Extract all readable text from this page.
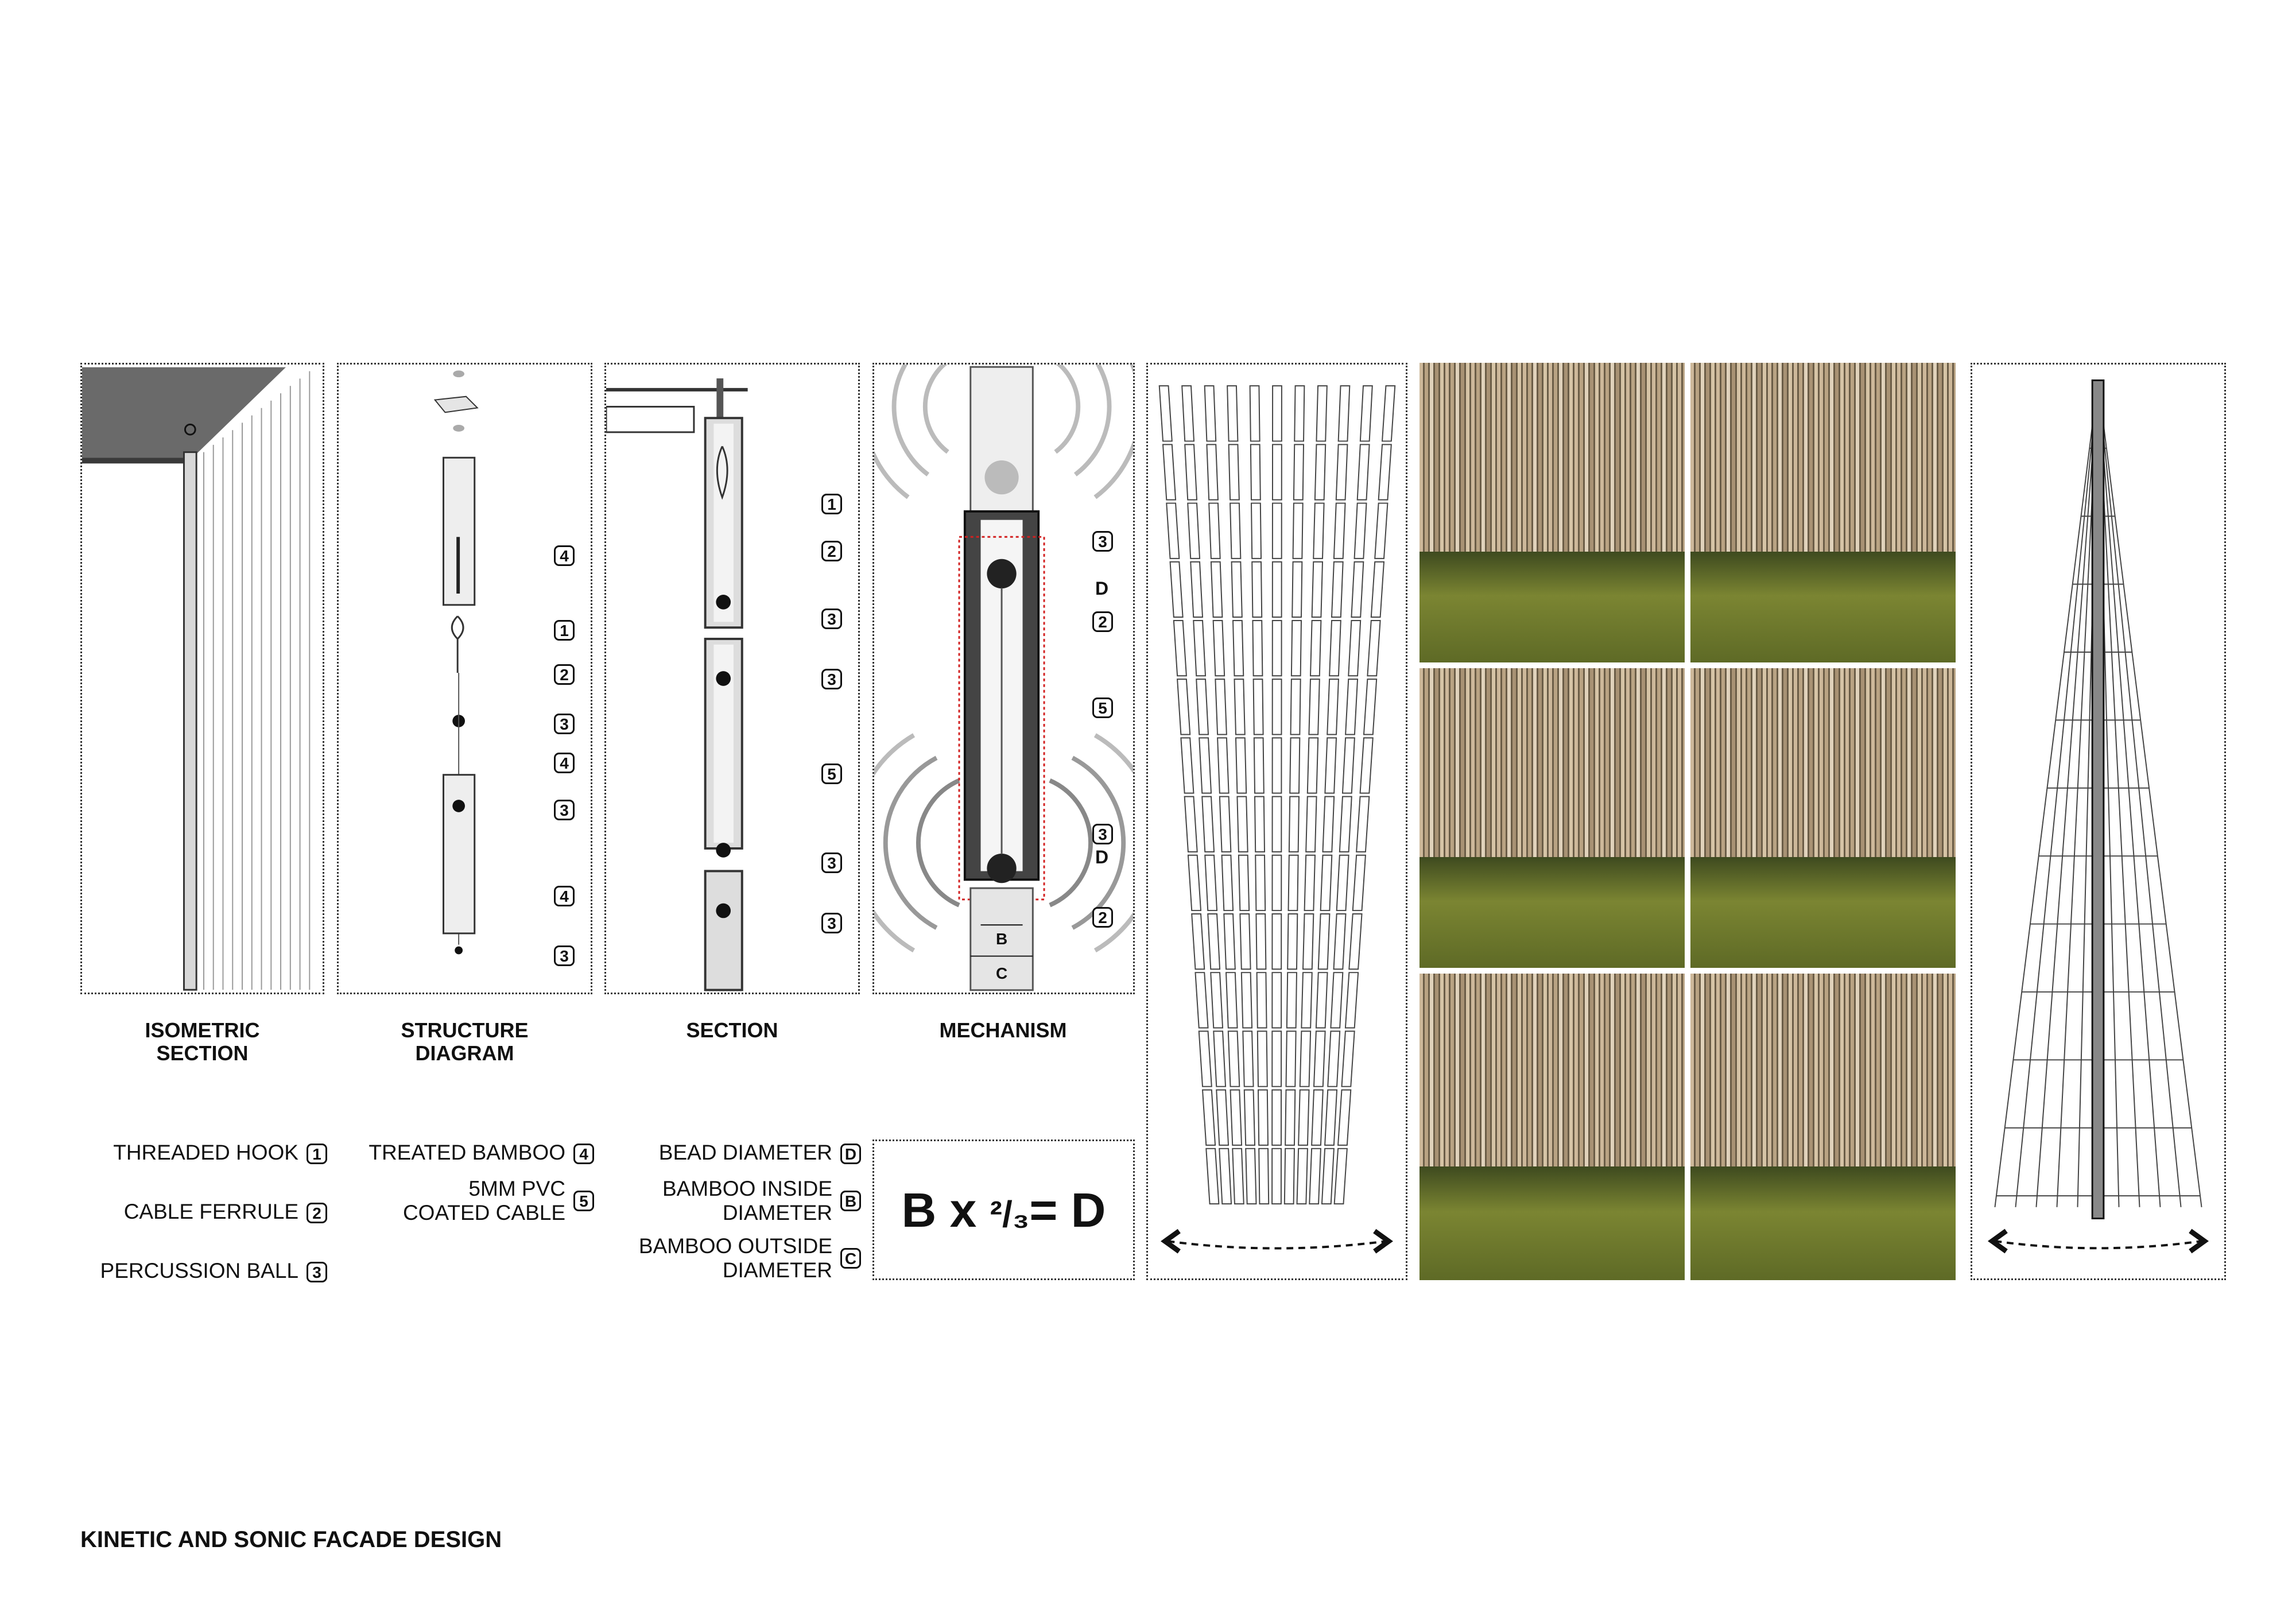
4
1
2
3
4
3
4
3
1
2
3
3
5
3
3
3
D
2
5
3
D
2
B
C
ISOMETRIC
SECTION
STRUCTURE
DIAGRAM
SECTION	MECHANISM
THREADED HOOK 1
CABLE FERRULE 2
PERCUSSION BALL 3
TREATED BAMBOO 4
5MM PVC
COATED CABLE 5
BEAD DIAMETER D
BAMBOO INSIDE
DIAMETER B
BAMBOO OUTSIDE
DIAMETER C
B x ²/₃= D
KINETIC AND SONIC FACADE DESIGN
